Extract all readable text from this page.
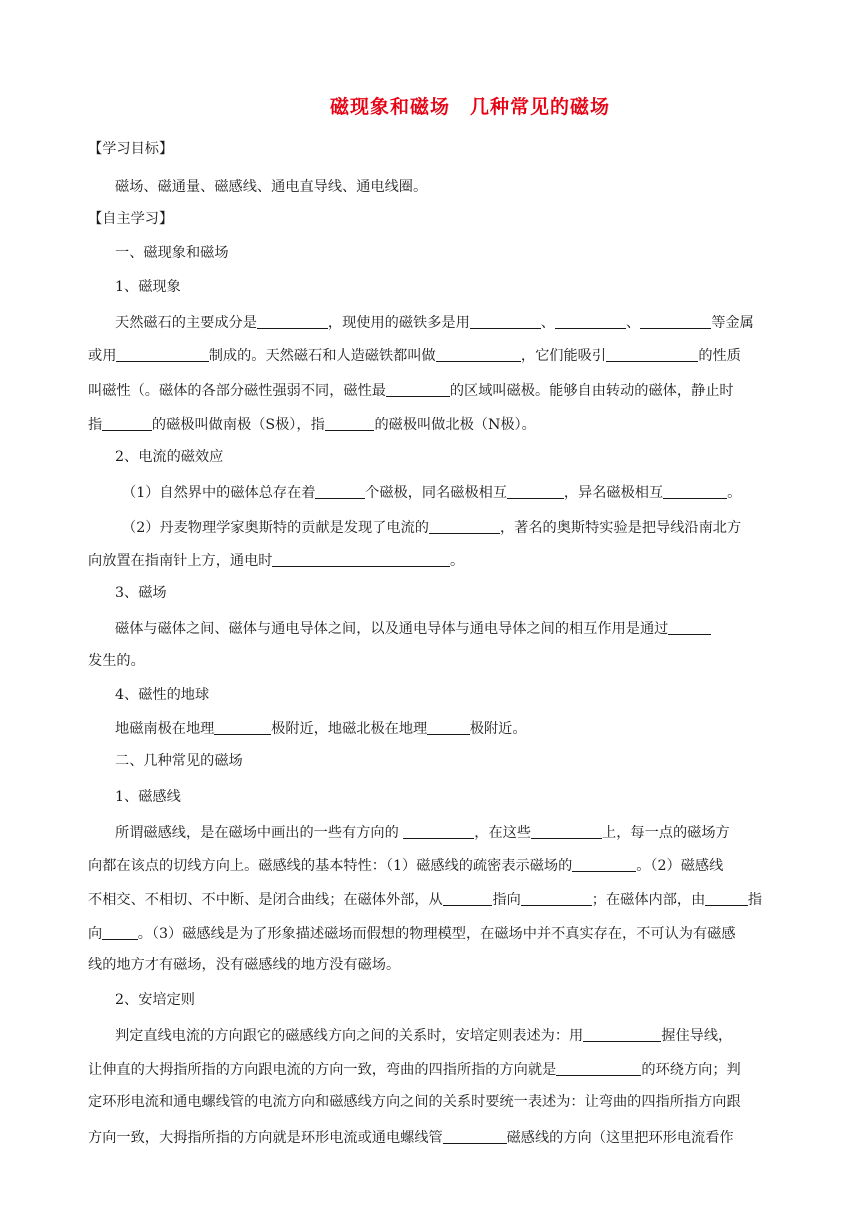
磁现象和磁场　几种常见的磁场
【学习目标】
磁场、磁通量、磁感线、通电直导线、通电线圈。
【自主学习】
一、磁现象和磁场
1、磁现象
天然磁石的主要成分是	，现使用的磁铁多是用	、	、	等金属
或用	制成的。天然磁石和人造磁铁都叫做	，它们能吸引	的性质
叫磁性（。磁体的各部分磁性强弱不同，磁性最	的区域叫磁极。能够自由转动的磁体，静止时
指	的磁极叫做南极（S极），指	的磁极叫做北极（N极）。
2、电流的磁效应
（1）自然界中的磁体总存在着	个磁极，同名磁极相互	，异名磁极相互	。
（2）丹麦物理学家奥斯特的贡献是发现了电流的	，著名的奥斯特实验是把导线沿南北方
向放置在指南针上方，通电时	。
3、磁场
磁体与磁体之间、磁体与通电导体之间，以及通电导体与通电导体之间的相互作用是通过
发生的。
4、磁性的地球
地磁南极在地理	极附近，地磁北极在地理	极附近。
二、几种常见的磁场
1、磁感线
所谓磁感线，是在磁场中画出的一些有方向的	，在这些	上，每一点的磁场方
向都在该点的切线方向上。磁感线的基本特性：（1）磁感线的疏密表示磁场的	。（2）磁感线
不相交、不相切、不中断、是闭合曲线；在磁体外部，从	指向	；在磁体内部，由	指
向	。（3）磁感线是为了形象描述磁场而假想的物理模型，在磁场中并不真实存在，不可认为有磁感
线的地方才有磁场，没有磁感线的地方没有磁场。
2、安培定则
判定直线电流的方向跟它的磁感线方向之间的关系时，安培定则表述为：用	握住导线，
让伸直的大拇指所指的方向跟电流的方向一致，弯曲的四指所指的方向就是	的环绕方向；判
定环形电流和通电螺线管的电流方向和磁感线方向之间的关系时要统一表述为：让弯曲的四指所指方向跟
方向一致，大拇指所指的方向就是环形电流或通电螺线管	磁感线的方向（这里把环形电流看作
